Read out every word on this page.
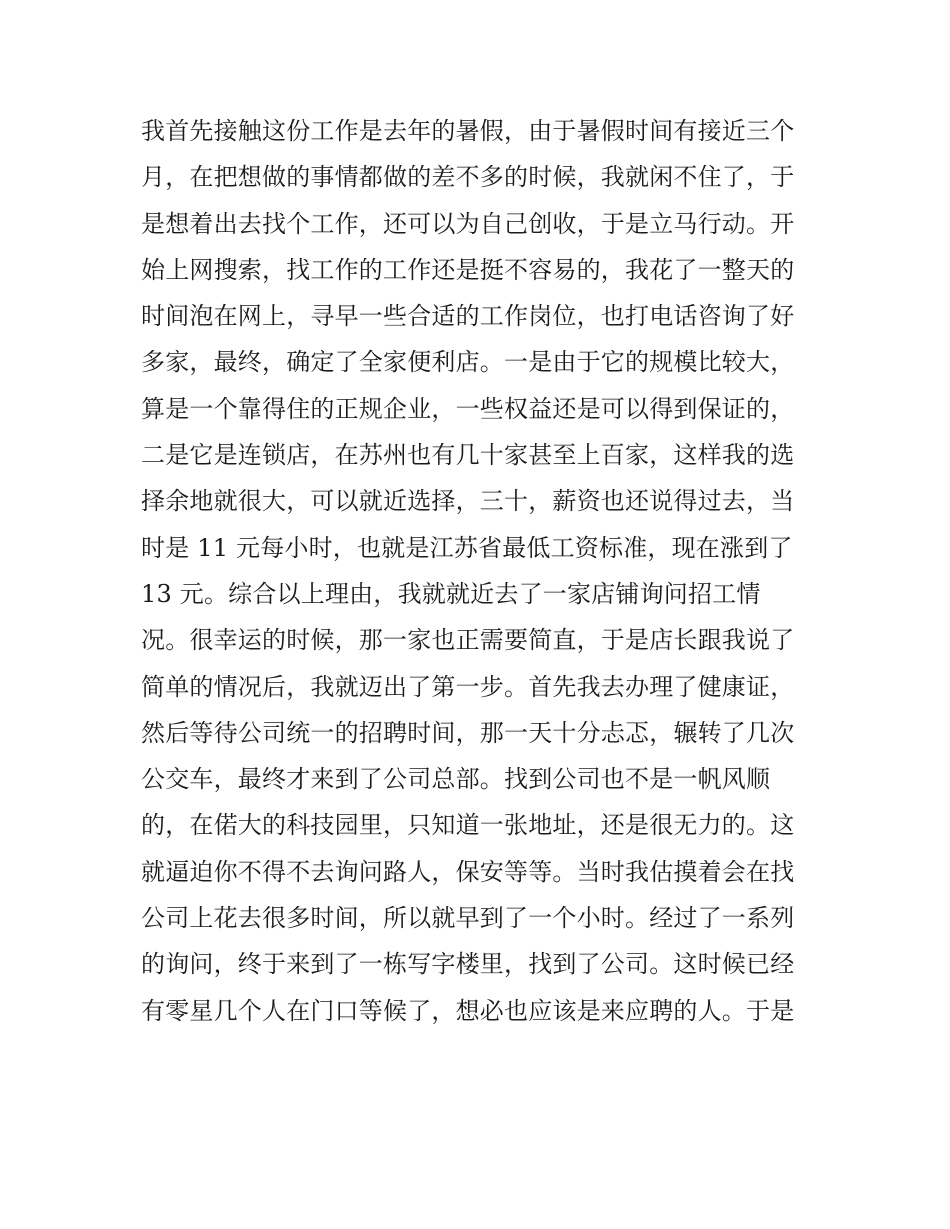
我首先接触这份工作是去年的暑假，由于暑假时间有接近三个
月，在把想做的事情都做的差不多的时候，我就闲不住了，于
是想着出去找个工作，还可以为自己创收，于是立马行动。开
始上网搜索，找工作的工作还是挺不容易的，我花了一整天的
时间泡在网上，寻早一些合适的工作岗位，也打电话咨询了好
多家，最终，确定了全家便利店。一是由于它的规模比较大，
算是一个靠得住的正规企业，一些权益还是可以得到保证的，
二是它是连锁店，在苏州也有几十家甚至上百家，这样我的选
择余地就很大，可以就近选择，三十，薪资也还说得过去，当
时是 11 元每小时，也就是江苏省最低工资标准，现在涨到了
13 元。综合以上理由，我就就近去了一家店铺询问招工情
况。很幸运的时候，那一家也正需要简直，于是店长跟我说了
简单的情况后，我就迈出了第一步。首先我去办理了健康证，
然后等待公司统一的招聘时间，那一天十分忐忑，辗转了几次
公交车，最终才来到了公司总部。找到公司也不是一帆风顺
的，在偌大的科技园里，只知道一张地址，还是很无力的。这
就逼迫你不得不去询问路人，保安等等。当时我估摸着会在找
公司上花去很多时间，所以就早到了一个小时。经过了一系列
的询问，终于来到了一栋写字楼里，找到了公司。这时候已经
有零星几个人在门口等候了，想必也应该是来应聘的人。于是
